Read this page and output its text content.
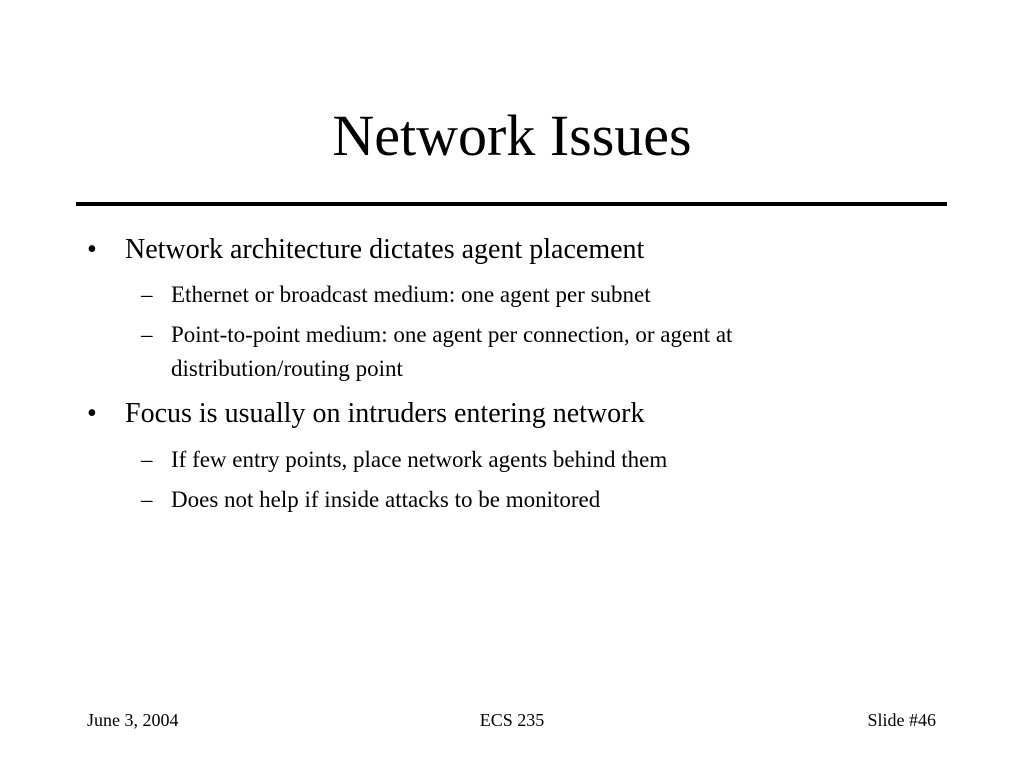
Network Issues
•	Network architecture dictates agent placement
– Ethernet or broadcast medium: one agent per subnet
– Point-to-point medium: one agent per connection, or agent at
distribution/routing point
•	Focus is usually on intruders entering network
– If few entry points, place network agents behind them
– Does not help if inside attacks to be monitored
June 3, 2004	ECS 235	Slide #46
